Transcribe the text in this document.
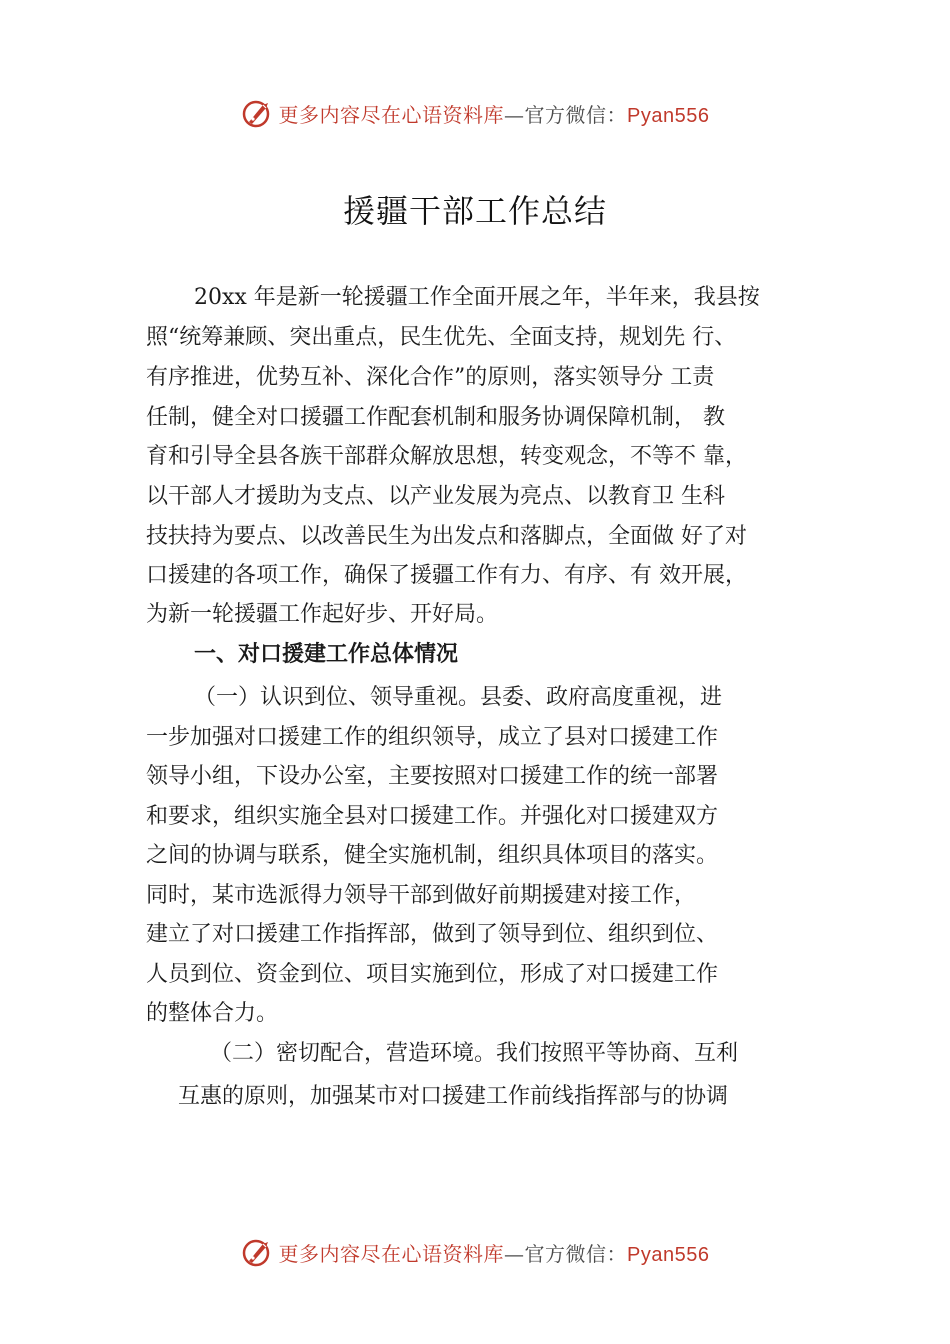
更多内容尽在心语资料库—官方微信：Pyan556
援疆干部工作总结
20xx 年是新一轮援疆工作全面开展之年，半年来，我县按
照“统筹兼顾、突出重点，民生优先、全面支持，规划先 行、
有序推进，优势互补、深化合作”的原则，落实领导分 工责
任制，健全对口援疆工作配套机制和服务协调保障机制， 教
育和引导全县各族干部群众解放思想，转变观念，不等不 靠，
以干部人才援助为支点、以产业发展为亮点、以教育卫 生科
技扶持为要点、以改善民生为出发点和落脚点，全面做 好了对
口援建的各项工作，确保了援疆工作有力、有序、有 效开展，
为新一轮援疆工作起好步、开好局。
一、对口援建工作总体情况
（一）认识到位、领导重视。县委、政府高度重视，进
一步加强对口援建工作的组织领导，成立了县对口援建工作
领导小组，下设办公室，主要按照对口援建工作的统一部署
和要求，组织实施全县对口援建工作。并强化对口援建双方
之间的协调与联系，健全实施机制，组织具体项目的落实。
同时，某市选派得力领导干部到做好前期援建对接工作，
建立了对口援建工作指挥部，做到了领导到位、组织到位、
人员到位、资金到位、项目实施到位，形成了对口援建工作
的整体合力。
（二）密切配合，营造环境。我们按照平等协商、互利
互惠的原则，加强某市对口援建工作前线指挥部与的协调
更多内容尽在心语资料库—官方微信：Pyan556
